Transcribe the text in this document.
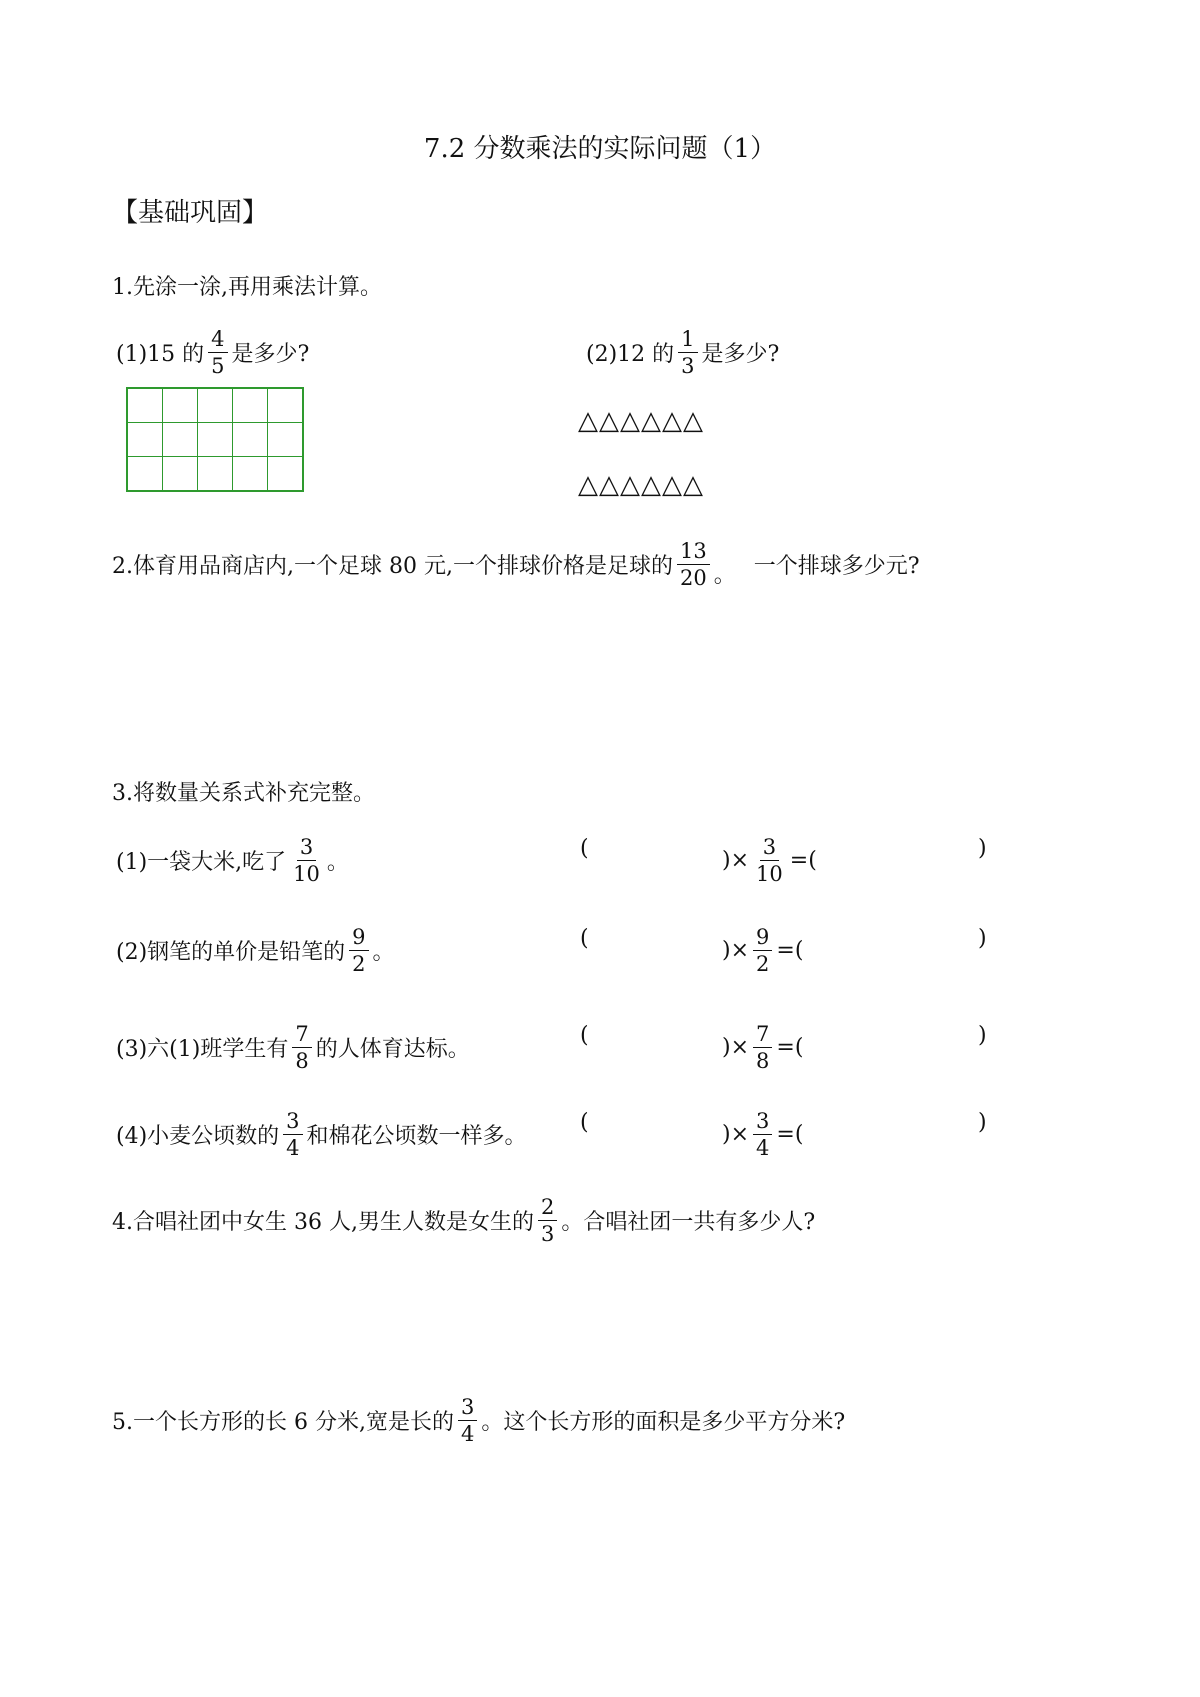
7.2 分数乘法的实际问题（1）
【基础巩固】
1.先涂一涂,再用乘法计算。
(1)15 的 $\frac{4}{5}$ 是多少?

					(2)12 的 $\frac{1}{3}$ 是多少?
△△△△△△
△△△△△△
2.体育用品商店内,一个足球 80 元,一个排球价格是足球的 $\frac{13}{20}$ 。 一个排球多少元?
3.将数量关系式补充完整。
(1)一袋大米,吃了 $\frac{3}{10}$ 。
(	)× $\frac{3}{10}$ =(	)
(2)钢笔的单价是铅笔的 $\frac{9}{2}$ 。
(	)× $\frac{9}{2}$ =(	)
(3)六(1)班学生有 $\frac{7}{8}$ 的人体育达标。
(	)× $\frac{7}{8}$ =(	)
(4)小麦公顷数的 $\frac{3}{4}$ 和棉花公顷数一样多。
(	)× $\frac{3}{4}$ =(	)
4.合唱社团中女生 36 人,男生人数是女生的 $\frac{2}{3}$ 。合唱社团一共有多少人?
5.一个长方形的长 6 分米,宽是长的 $\frac{3}{4}$ 。这个长方形的面积是多少平方分米?
